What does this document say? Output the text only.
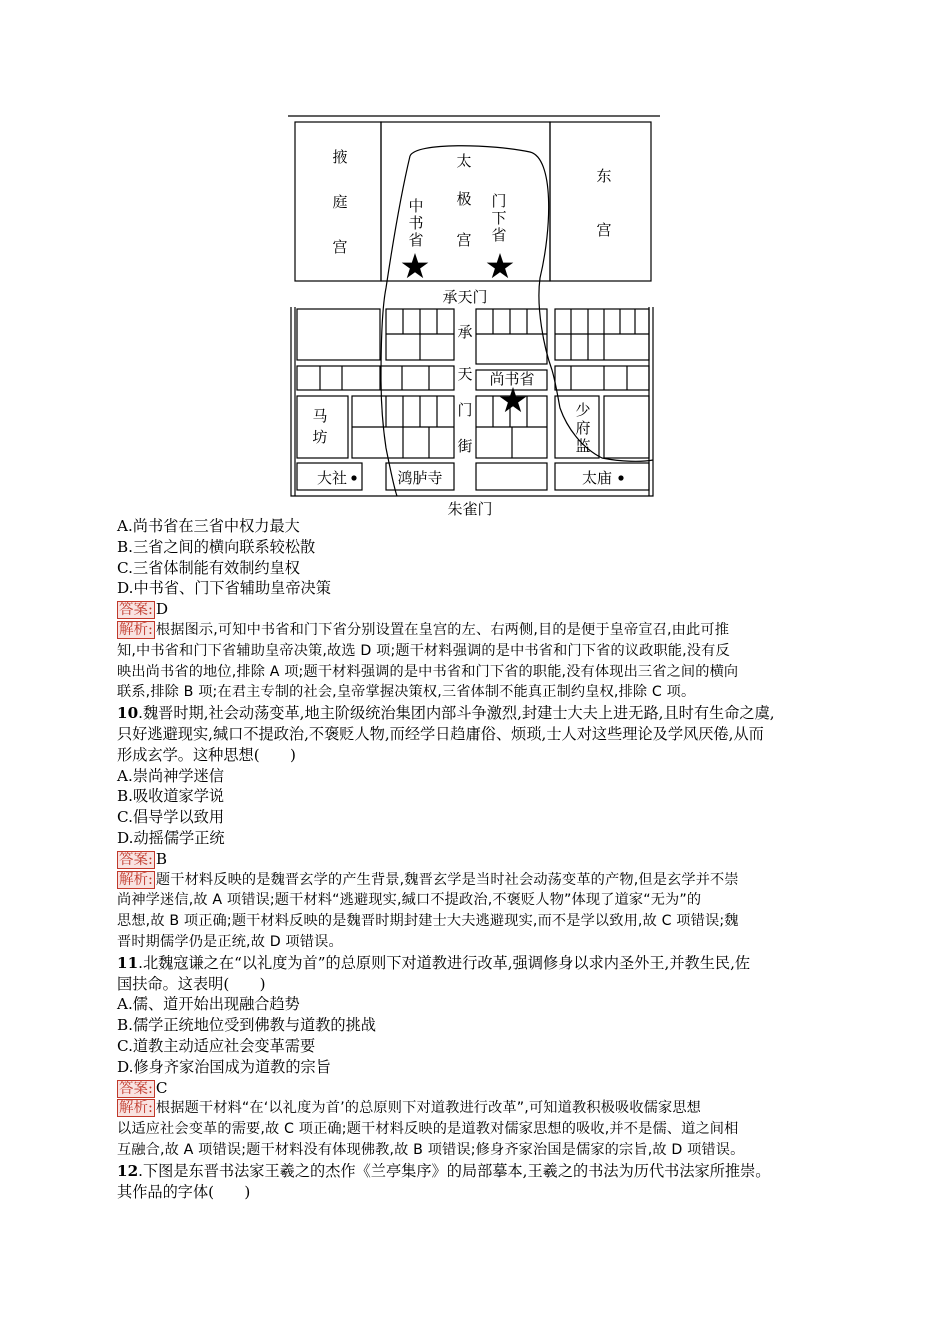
掖
庭
宫
太
极
宫
中
书
省
门
下
省
东
宫
承天门
承
天
门
街
尚书省
马
坊
少
府
监
大社	鸿胪寺	太庙
朱雀门
A.尚书省在三省中权力最大
B.三省之间的横向联系较松散
C.三省体制能有效制约皇权
D.中书省、门下省辅助皇帝决策
答案: D
解析: 根据图示,可知中书省和门下省分别设置在皇宫的左、右两侧,目的是便于皇帝宣召,由此可推
知,中书省和门下省辅助皇帝决策,故选 D 项;题干材料强调的是中书省和门下省的议政职能,没有反
映出尚书省的地位,排除 A 项;题干材料强调的是中书省和门下省的职能,没有体现出三省之间的横向
联系,排除 B 项;在君主专制的社会,皇帝掌握决策权,三省体制不能真正制约皇权,排除 C 项。
10.魏晋时期,社会动荡变革,地主阶级统治集团内部斗争激烈,封建士大夫上进无路,且时有生命之虞,
只好逃避现实,缄口不提政治,不褒贬人物,而经学日趋庸俗、烦琐,士人对这些理论及学风厌倦,从而
形成玄学。这种思想(　　)
A.崇尚神学迷信
B.吸收道家学说
C.倡导学以致用
D.动摇儒学正统
答案: B
解析: 题干材料反映的是魏晋玄学的产生背景,魏晋玄学是当时社会动荡变革的产物,但是玄学并不崇
尚神学迷信,故 A 项错误;题干材料“逃避现实,缄口不提政治,不褒贬人物”体现了道家“无为”的
思想,故 B 项正确;题干材料反映的是魏晋时期封建士大夫逃避现实,而不是学以致用,故 C 项错误;魏
晋时期儒学仍是正统,故 D 项错误。
11.北魏寇谦之在“以礼度为首”的总原则下对道教进行改革,强调修身以求内圣外王,并教生民,佐
国扶命。这表明(　　)
A.儒、道开始出现融合趋势
B.儒学正统地位受到佛教与道教的挑战
C.道教主动适应社会变革需要
D.修身齐家治国成为道教的宗旨
答案: C
解析: 根据题干材料“在‘以礼度为首’的总原则下对道教进行改革”,可知道教积极吸收儒家思想
以适应社会变革的需要,故 C 项正确;题干材料反映的是道教对儒家思想的吸收,并不是儒、道之间相
互融合,故 A 项错误;题干材料没有体现佛教,故 B 项错误;修身齐家治国是儒家的宗旨,故 D 项错误。
12.下图是东晋书法家王羲之的杰作《兰亭集序》的局部摹本,王羲之的书法为历代书法家所推崇。
其作品的字体(　　)
